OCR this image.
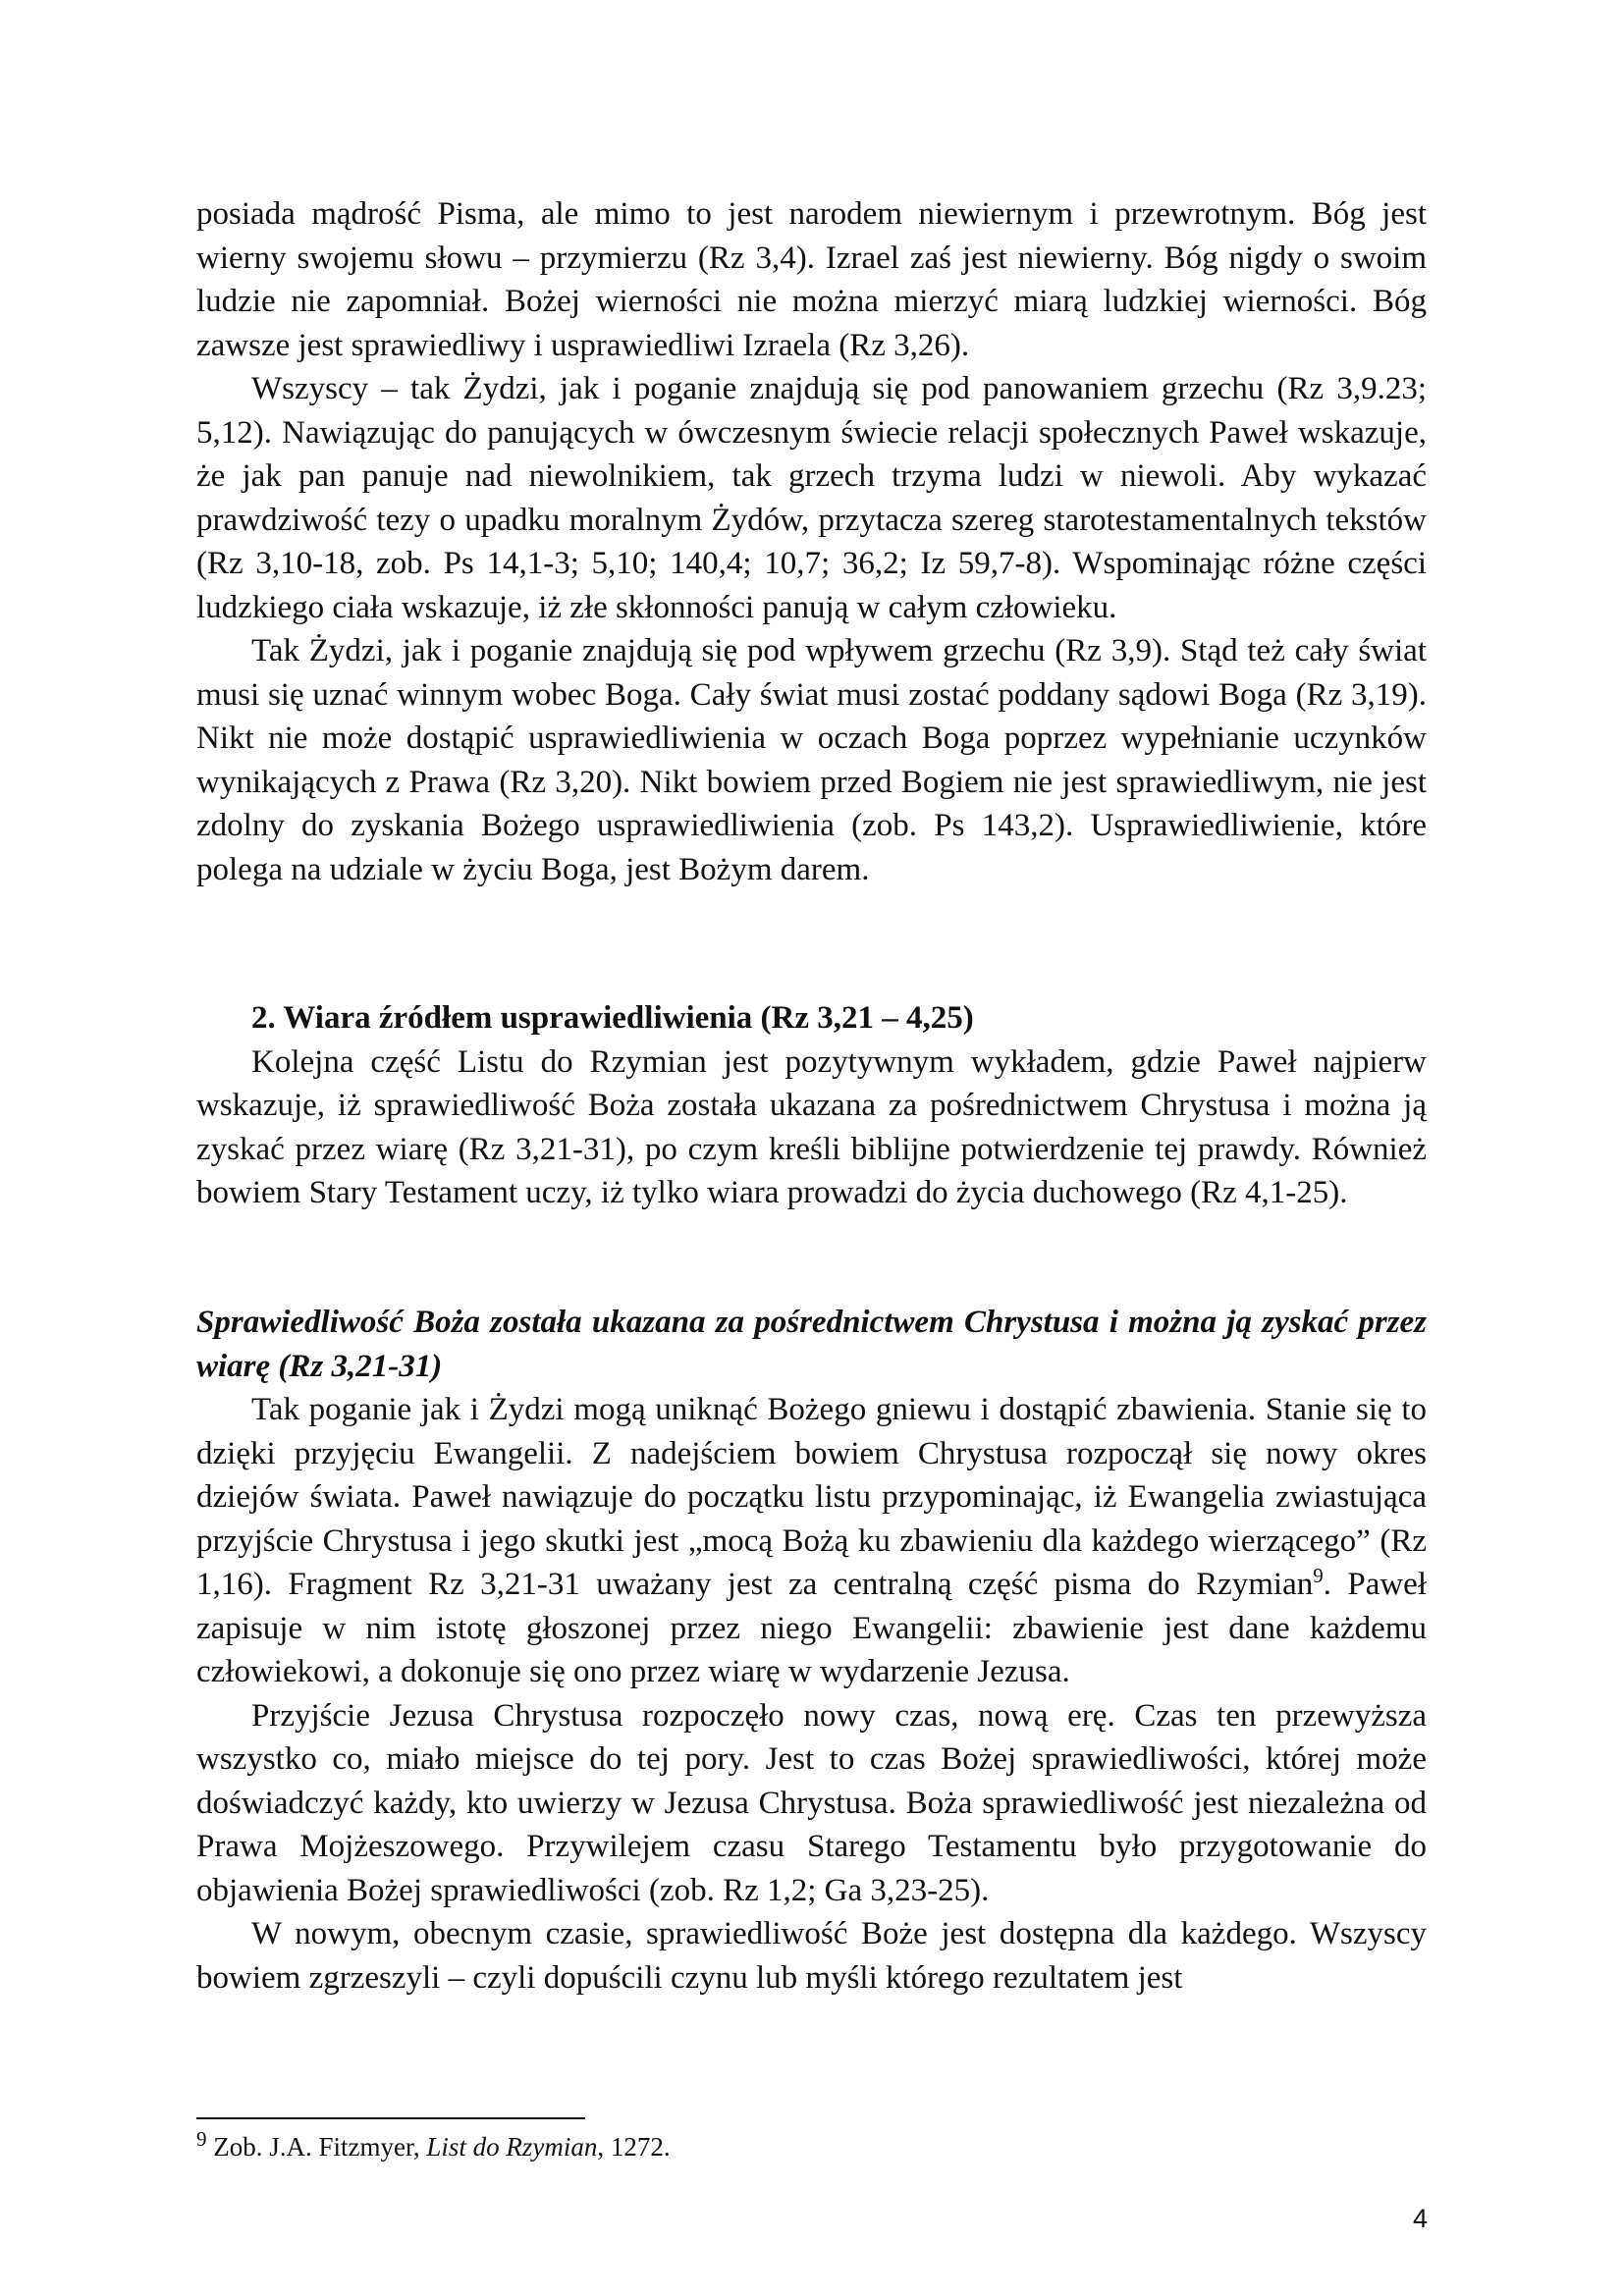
posiada mądrość Pisma, ale mimo to jest narodem niewiernym i przewrotnym. Bóg jest wierny swojemu słowu – przymierzu (Rz 3,4). Izrael zaś jest niewierny. Bóg nigdy o swoim ludzie nie zapomniał. Bożej wierności nie można mierzyć miarą ludzkiej wierności. Bóg zawsze jest sprawiedliwy i usprawiedliwi Izraela (Rz 3,26).

Wszyscy – tak Żydzi, jak i poganie znajdują się pod panowaniem grzechu (Rz 3,9.23; 5,12). Nawiązując do panujących w ówczesnym świecie relacji społecznych Paweł wskazuje, że jak pan panuje nad niewolnikiem, tak grzech trzyma ludzi w niewoli. Aby wykazać prawdziwość tezy o upadku moralnym Żydów, przytacza szereg starotestamentalnych tekstów (Rz 3,10-18, zob. Ps 14,1-3; 5,10; 140,4; 10,7; 36,2; Iz 59,7-8). Wspominając różne części ludzkiego ciała wskazuje, iż złe skłonności panują w całym człowieku.

Tak Żydzi, jak i poganie znajdują się pod wpływem grzechu (Rz 3,9). Stąd też cały świat musi się uznać winnym wobec Boga. Cały świat musi zostać poddany sądowi Boga (Rz 3,19). Nikt nie może dostąpić usprawiedliwienia w oczach Boga poprzez wypełnianie uczynków wynikających z Prawa (Rz 3,20). Nikt bowiem przed Bogiem nie jest sprawiedliwym, nie jest zdolny do zyskania Bożego usprawiedliwienia (zob. Ps 143,2). Usprawiedliwienie, które polega na udziale w życiu Boga, jest Bożym darem.

2. Wiara źródłem usprawiedliwienia (Rz 3,21 – 4,25)

Kolejna część Listu do Rzymian jest pozytywnym wykładem, gdzie Paweł najpierw wskazuje, iż sprawiedliwość Boża została ukazana za pośrednictwem Chrystusa i można ją zyskać przez wiarę (Rz 3,21-31), po czym kreśli biblijne potwierdzenie tej prawdy. Również bowiem Stary Testament uczy, iż tylko wiara prowadzi do życia duchowego (Rz 4,1-25).

Sprawiedliwość Boża została ukazana za pośrednictwem Chrystusa i można ją zyskać przez wiarę (Rz 3,21-31)

Tak poganie jak i Żydzi mogą uniknąć Bożego gniewu i dostąpić zbawienia. Stanie się to dzięki przyjęciu Ewangelii. Z nadejściem bowiem Chrystusa rozpoczął się nowy okres dziejów świata. Paweł nawiązuje do początku listu przypominając, iż Ewangelia zwiastująca przyjście Chrystusa i jego skutki jest „mocą Bożą ku zbawieniu dla każdego wierzącego” (Rz 1,16). Fragment Rz 3,21-31 uważany jest za centralną część pisma do Rzymian$^9$. Paweł zapisuje w nim istotę głoszonej przez niego Ewangelii: zbawienie jest dane każdemu człowiekowi, a dokonuje się ono przez wiarę w wydarzenie Jezusa.

Przyjście Jezusa Chrystusa rozpoczęło nowy czas, nową erę. Czas ten przewyższa wszystko co, miało miejsce do tej pory. Jest to czas Bożej sprawiedliwości, której może doświadczyć każdy, kto uwierzy w Jezusa Chrystusa. Boża sprawiedliwość jest niezależna od Prawa Mojżeszowego. Przywilejem czasu Starego Testamentu było przygotowanie do objawienia Bożej sprawiedliwości (zob. Rz 1,2; Ga 3,23-25).

W nowym, obecnym czasie, sprawiedliwość Boże jest dostępna dla każdego. Wszyscy bowiem zgrzeszyli – czyli dopuścili czynu lub myśli którego rezultatem jest

$^9$ Zob. J.A. Fitzmyer, List do Rzymian, 1272.
4
